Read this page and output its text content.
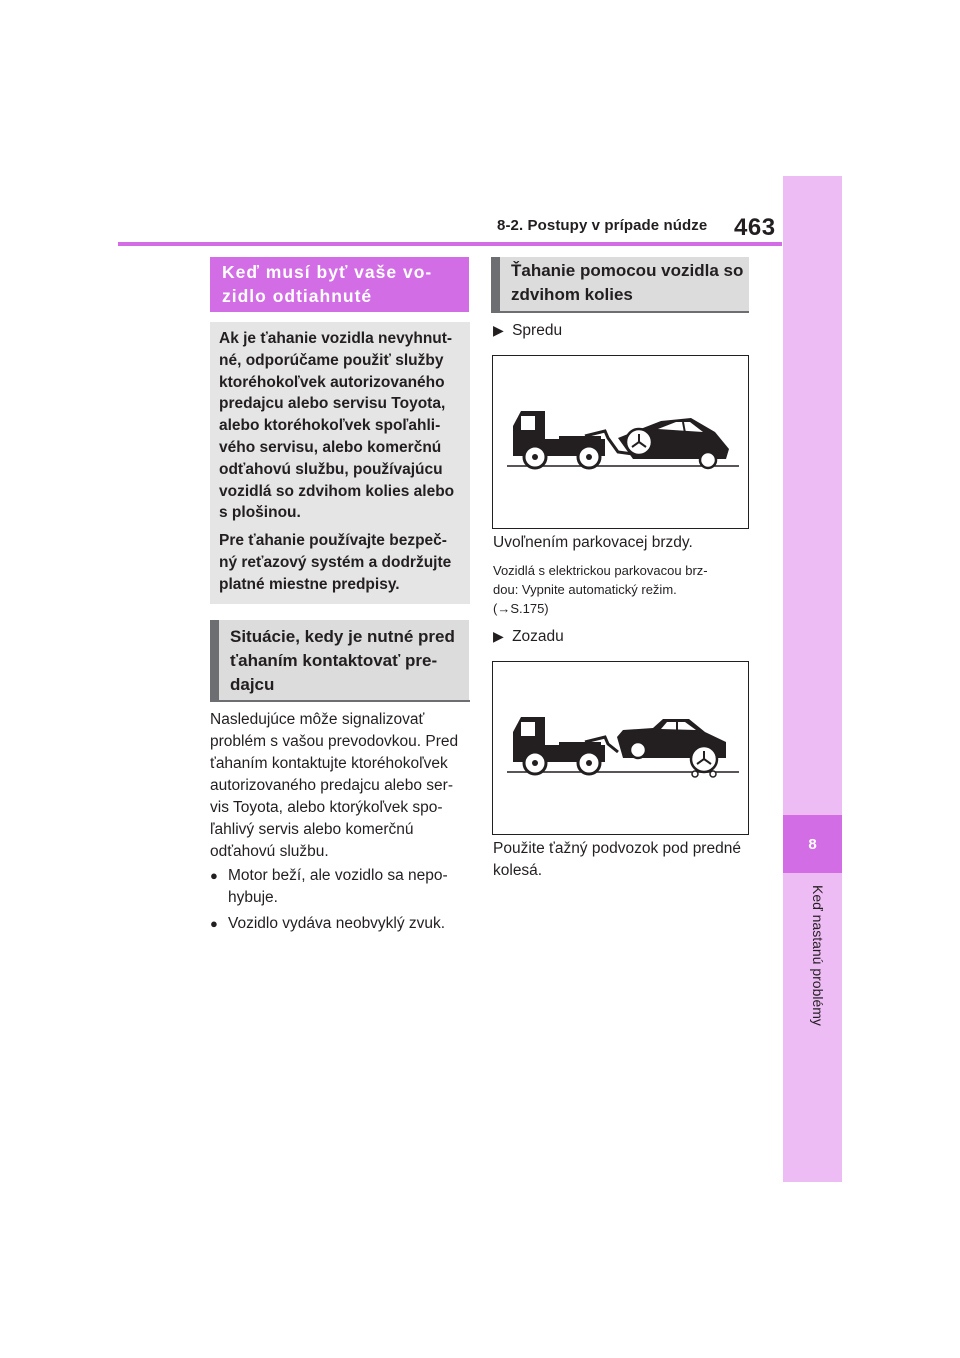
8
Keď nastanú problémy
8-2. Postupy v prípade núdze 463
Keď musí byť vaše vo-
zidlo odtiahnuté

Ak je ťahanie vozidla nevyhnut-
né, odporúčame použiť služby
ktoréhokoľvek autorizovaného
predajcu alebo servisu Toyota,
alebo ktoréhokoľvek spoľahli-
vého servisu, alebo komerčnú
odťahovú službu, používajúcu
vozidlá so zdvihom kolies alebo
s plošinou.

Pre ťahanie používajte bezpeč-
ný reťazový systém a dodržujte
platné miestne predpisy.

Situácie, kedy je nutné pred
ťahaním kontaktovať pre-
dajcu
Nasledujúce môže signalizovať
problém s vašou prevodovkou. Pred
ťahaním kontaktujte ktoréhokoľvek
autorizovaného predajcu alebo ser-
vis Toyota, alebo ktorýkoľvek spo-
ľahlivý servis alebo komerčnú
odťahovú službu.
● Motor beží, ale vozidlo sa nepo-
hybuje.
● Vozidlo vydáva neobvyklý zvuk.
Ťahanie pomocou vozidla so
zdvihom kolies
▶ Spredu
Uvoľnením parkovacej brzdy.
Vozidlá s elektrickou parkovacou brz-
dou: Vypnite automatický režim.
(→S.175)
▶ Zozadu
Použite ťažný podvozok pod predné
kolesá.
